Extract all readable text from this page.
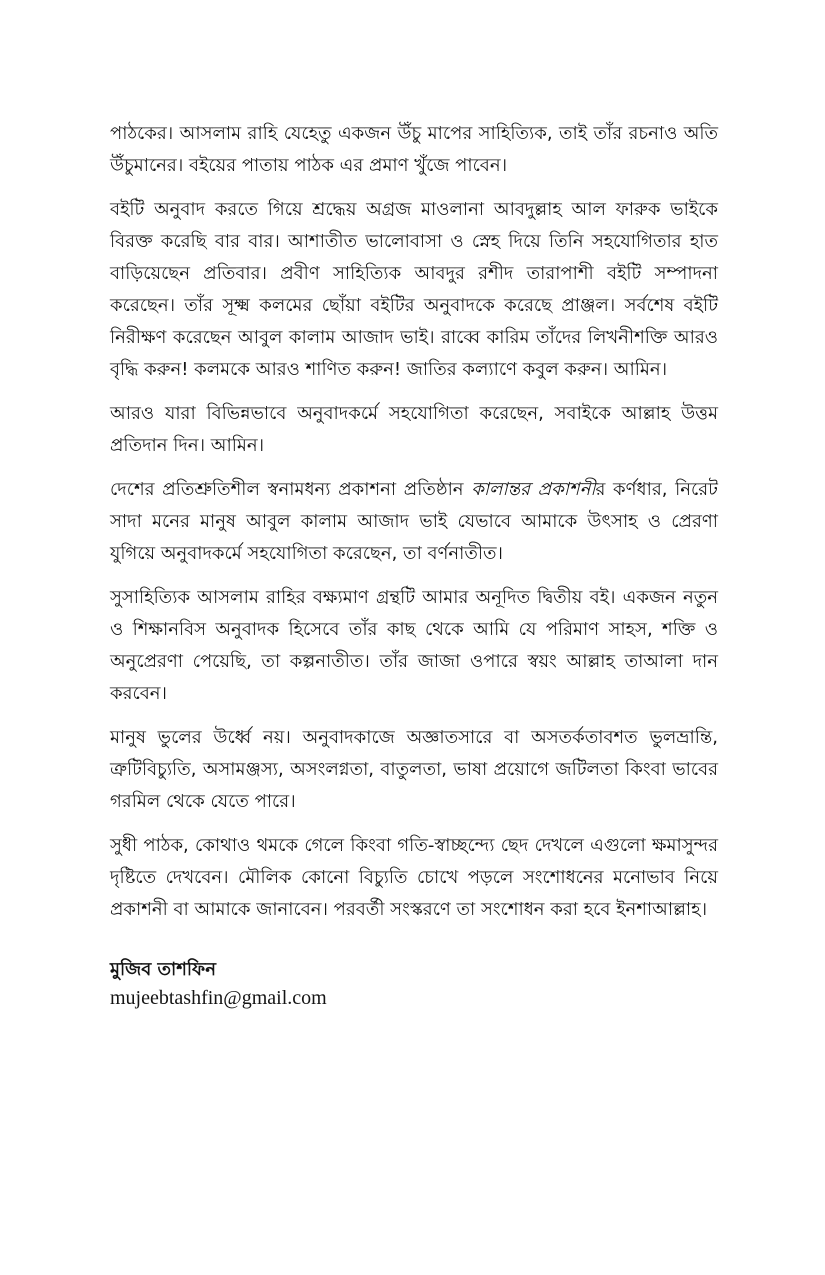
পাঠকের। আসলাম রাহি যেহেতু একজন উঁচু মাপের সাহিত্যিক, তাই তাঁর রচনাও অতি উঁচুমানের। বইয়ের পাতায় পাঠক এর প্রমাণ খুঁজে পাবেন।

বইটি অনুবাদ করতে গিয়ে শ্রদ্ধেয় অগ্রজ মাওলানা আবদুল্লাহ আল ফারুক ভাইকে বিরক্ত করেছি বার বার। আশাতীত ভালোবাসা ও স্নেহ দিয়ে তিনি সহযোগিতার হাত বাড়িয়েছেন প্রতিবার। প্রবীণ সাহিত্যিক আবদুর রশীদ তারাপাশী বইটি সম্পাদনা করেছেন। তাঁর সূক্ষ্ম কলমের ছোঁয়া বইটির অনুবাদকে করেছে প্রাঞ্জল। সর্বশেষ বইটি নিরীক্ষণ করেছেন আবুল কালাম আজাদ ভাই। রাব্বে কারিম তাঁদের লিখনীশক্তি আরও বৃদ্ধি করুন! কলমকে আরও শাণিত করুন! জাতির কল্যাণে কবুল করুন। আমিন।

আরও যারা বিভিন্নভাবে অনুবাদকর্মে সহযোগিতা করেছেন, সবাইকে আল্লাহ উত্তম প্রতিদান দিন। আমিন।

দেশের প্রতিশ্রুতিশীল স্বনামধন্য প্রকাশনা প্রতিষ্ঠান কালান্তর প্রকাশনীর কর্ণধার, নিরেট সাদা মনের মানুষ আবুল কালাম আজাদ ভাই যেভাবে আমাকে উৎসাহ ও প্রেরণা যুগিয়ে অনুবাদকর্মে সহযোগিতা করেছেন, তা বর্ণনাতীত।

সুসাহিত্যিক আসলাম রাহির বক্ষ্যমাণ গ্রন্থটি আমার অনূদিত দ্বিতীয় বই। একজন নতুন ও শিক্ষানবিস অনুবাদক হিসেবে তাঁর কাছ থেকে আমি যে পরিমাণ সাহস, শক্তি ও অনুপ্রেরণা পেয়েছি, তা কল্পনাতীত। তাঁর জাজা ওপারে স্বয়ং আল্লাহ তাআলা দান করবেন।

মানুষ ভুলের উর্ধ্বে নয়। অনুবাদকাজে অজ্ঞাতসারে বা অসতর্কতাবশত ভুলভ্রান্তি, ত্রুটিবিচ্যুতি, অসামঞ্জস্য, অসংলগ্নতা, বাতুলতা, ভাষা প্রয়োগে জটিলতা কিংবা ভাবের গরমিল থেকে যেতে পারে।

সুধী পাঠক, কোথাও থমকে গেলে কিংবা গতি-স্বাচ্ছন্দ্যে ছেদ দেখলে এগুলো ক্ষমাসুন্দর দৃষ্টিতে দেখবেন। মৌলিক কোনো বিচ্যুতি চোখে পড়লে সংশোধনের মনোভাব নিয়ে প্রকাশনী বা আমাকে জানাবেন। পরবর্তী সংস্করণে তা সংশোধন করা হবে ইনশাআল্লাহ।

মুজিব তাশফিন
mujeebtashfin@gmail.com
